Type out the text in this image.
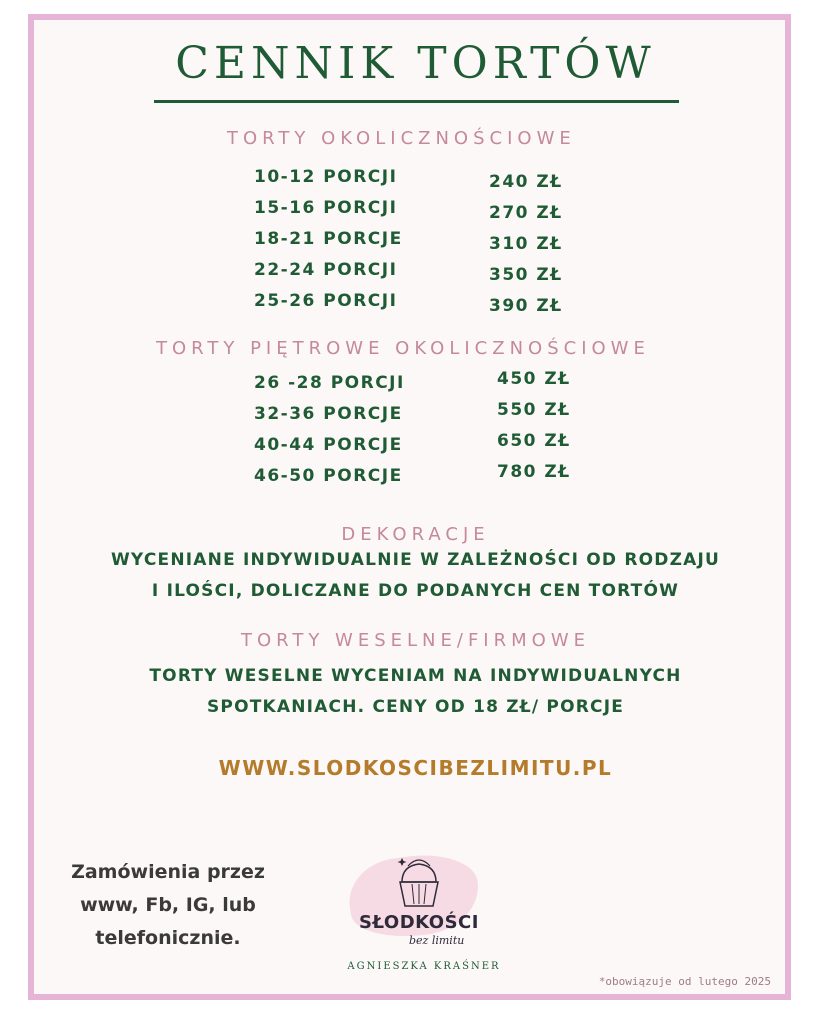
CENNIK TORTÓW
TORTY OKOLICZNOŚCIOWE
10-12 PORCJI	240 ZŁ
15-16 PORCJI	270 ZŁ
18-21 PORCJE	310 ZŁ
22-24 PORCJI	350 ZŁ
25-26 PORCJI	390 ZŁ
TORTY PIĘTROWE OKOLICZNOŚCIOWE
26 -28 PORCJI	450 ZŁ
32-36 PORCJE	550 ZŁ
40-44 PORCJE	650 ZŁ
46-50 PORCJE	780 ZŁ
DEKORACJE
WYCENIANE INDYWIDUALNIE W ZALEŻNOŚCI OD RODZAJU
I ILOŚCI, DOLICZANE DO PODANYCH CEN TORTÓW
TORTY WESELNE/FIRMOWE
TORTY WESELNE WYCENIAM NA INDYWIDUALNYCH
SPOTKANIACH. CENY OD 18 ZŁ/ PORCJE
WWW.SLODKOSCIBEZLIMITU.PL
Zamówienia przez
www, Fb, IG, lub
telefonicznie.
SŁODKOŚCI
bez limitu
AGNIESZKA KRAŚNER
*obowiązuje od lutego 2025
